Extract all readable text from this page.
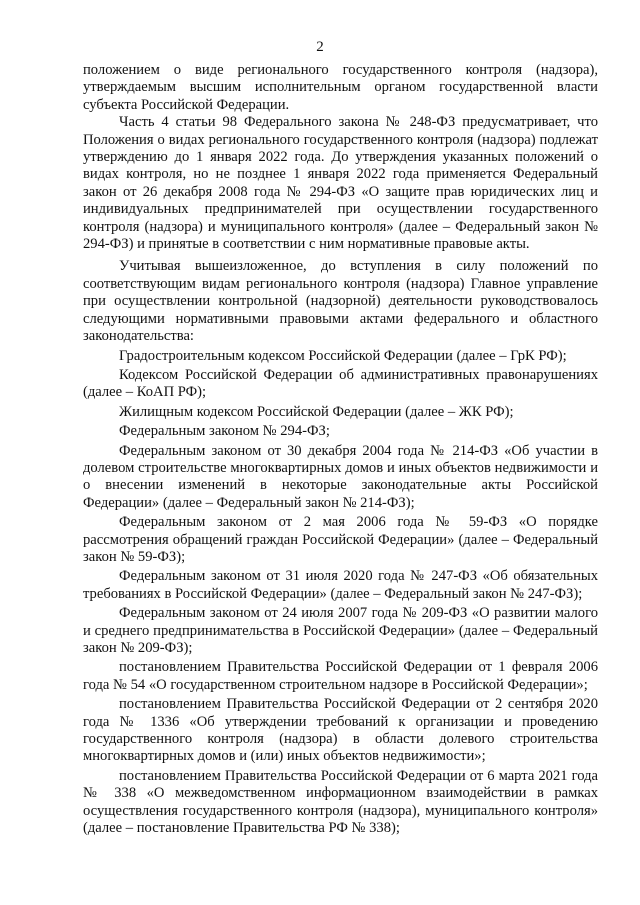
2

положением о виде регионального государственного контроля (надзора), утверждаемым высшим исполнительным органом государственной власти субъекта Российской Федерации.

Часть 4 статьи 98 Федерального закона № 248-ФЗ предусматривает, что Положения о видах регионального государственного контроля (надзора) подлежат утверждению до 1 января 2022 года. До утверждения указанных положений о видах контроля, но не позднее 1 января 2022 года применяется Федеральный закон от 26 декабря 2008 года № 294-ФЗ «О защите прав юридических лиц и индивидуальных предпринимателей при осуществлении государственного контроля (надзора) и муниципального контроля» (далее – Федеральный закон № 294-ФЗ) и принятые в соответствии с ним нормативные правовые акты.

Учитывая вышеизложенное, до вступления в силу положений по соответствующим видам регионального контроля (надзора) Главное управление при осуществлении контрольной (надзорной) деятельности руководствовалось следующими нормативными правовыми актами федерального и областного законодательства:

Градостроительным кодексом Российской Федерации (далее – ГрК РФ);

Кодексом Российской Федерации об административных правонарушениях (далее – КоАП РФ);

Жилищным кодексом Российской Федерации (далее – ЖК РФ);

Федеральным законом № 294-ФЗ;

Федеральным законом от 30 декабря 2004 года № 214-ФЗ «Об участии в долевом строительстве многоквартирных домов и иных объектов недвижимости и о внесении изменений в некоторые законодательные акты Российской Федерации» (далее – Федеральный закон № 214-ФЗ);

Федеральным законом от 2 мая 2006 года № 59-ФЗ «О порядке рассмотрения обращений граждан Российской Федерации» (далее – Федеральный закон № 59-ФЗ);

Федеральным законом от 31 июля 2020 года № 247-ФЗ «Об обязательных требованиях в Российской Федерации» (далее – Федеральный закон № 247-ФЗ);

Федеральным законом от 24 июля 2007 года № 209-ФЗ «О развитии малого и среднего предпринимательства в Российской Федерации» (далее – Федеральный закон № 209-ФЗ);

постановлением Правительства Российской Федерации от 1 февраля 2006 года № 54 «О государственном строительном надзоре в Российской Федерации»;

постановлением Правительства Российской Федерации от 2 сентября 2020 года № 1336 «Об утверждении требований к организации и проведению государственного контроля (надзора) в области долевого строительства многоквартирных домов и (или) иных объектов недвижимости»;

постановлением Правительства Российской Федерации от 6 марта 2021 года № 338 «О межведомственном информационном взаимодействии в рамках осуществления государственного контроля (надзора), муниципального контроля» (далее – постановление Правительства РФ № 338);
